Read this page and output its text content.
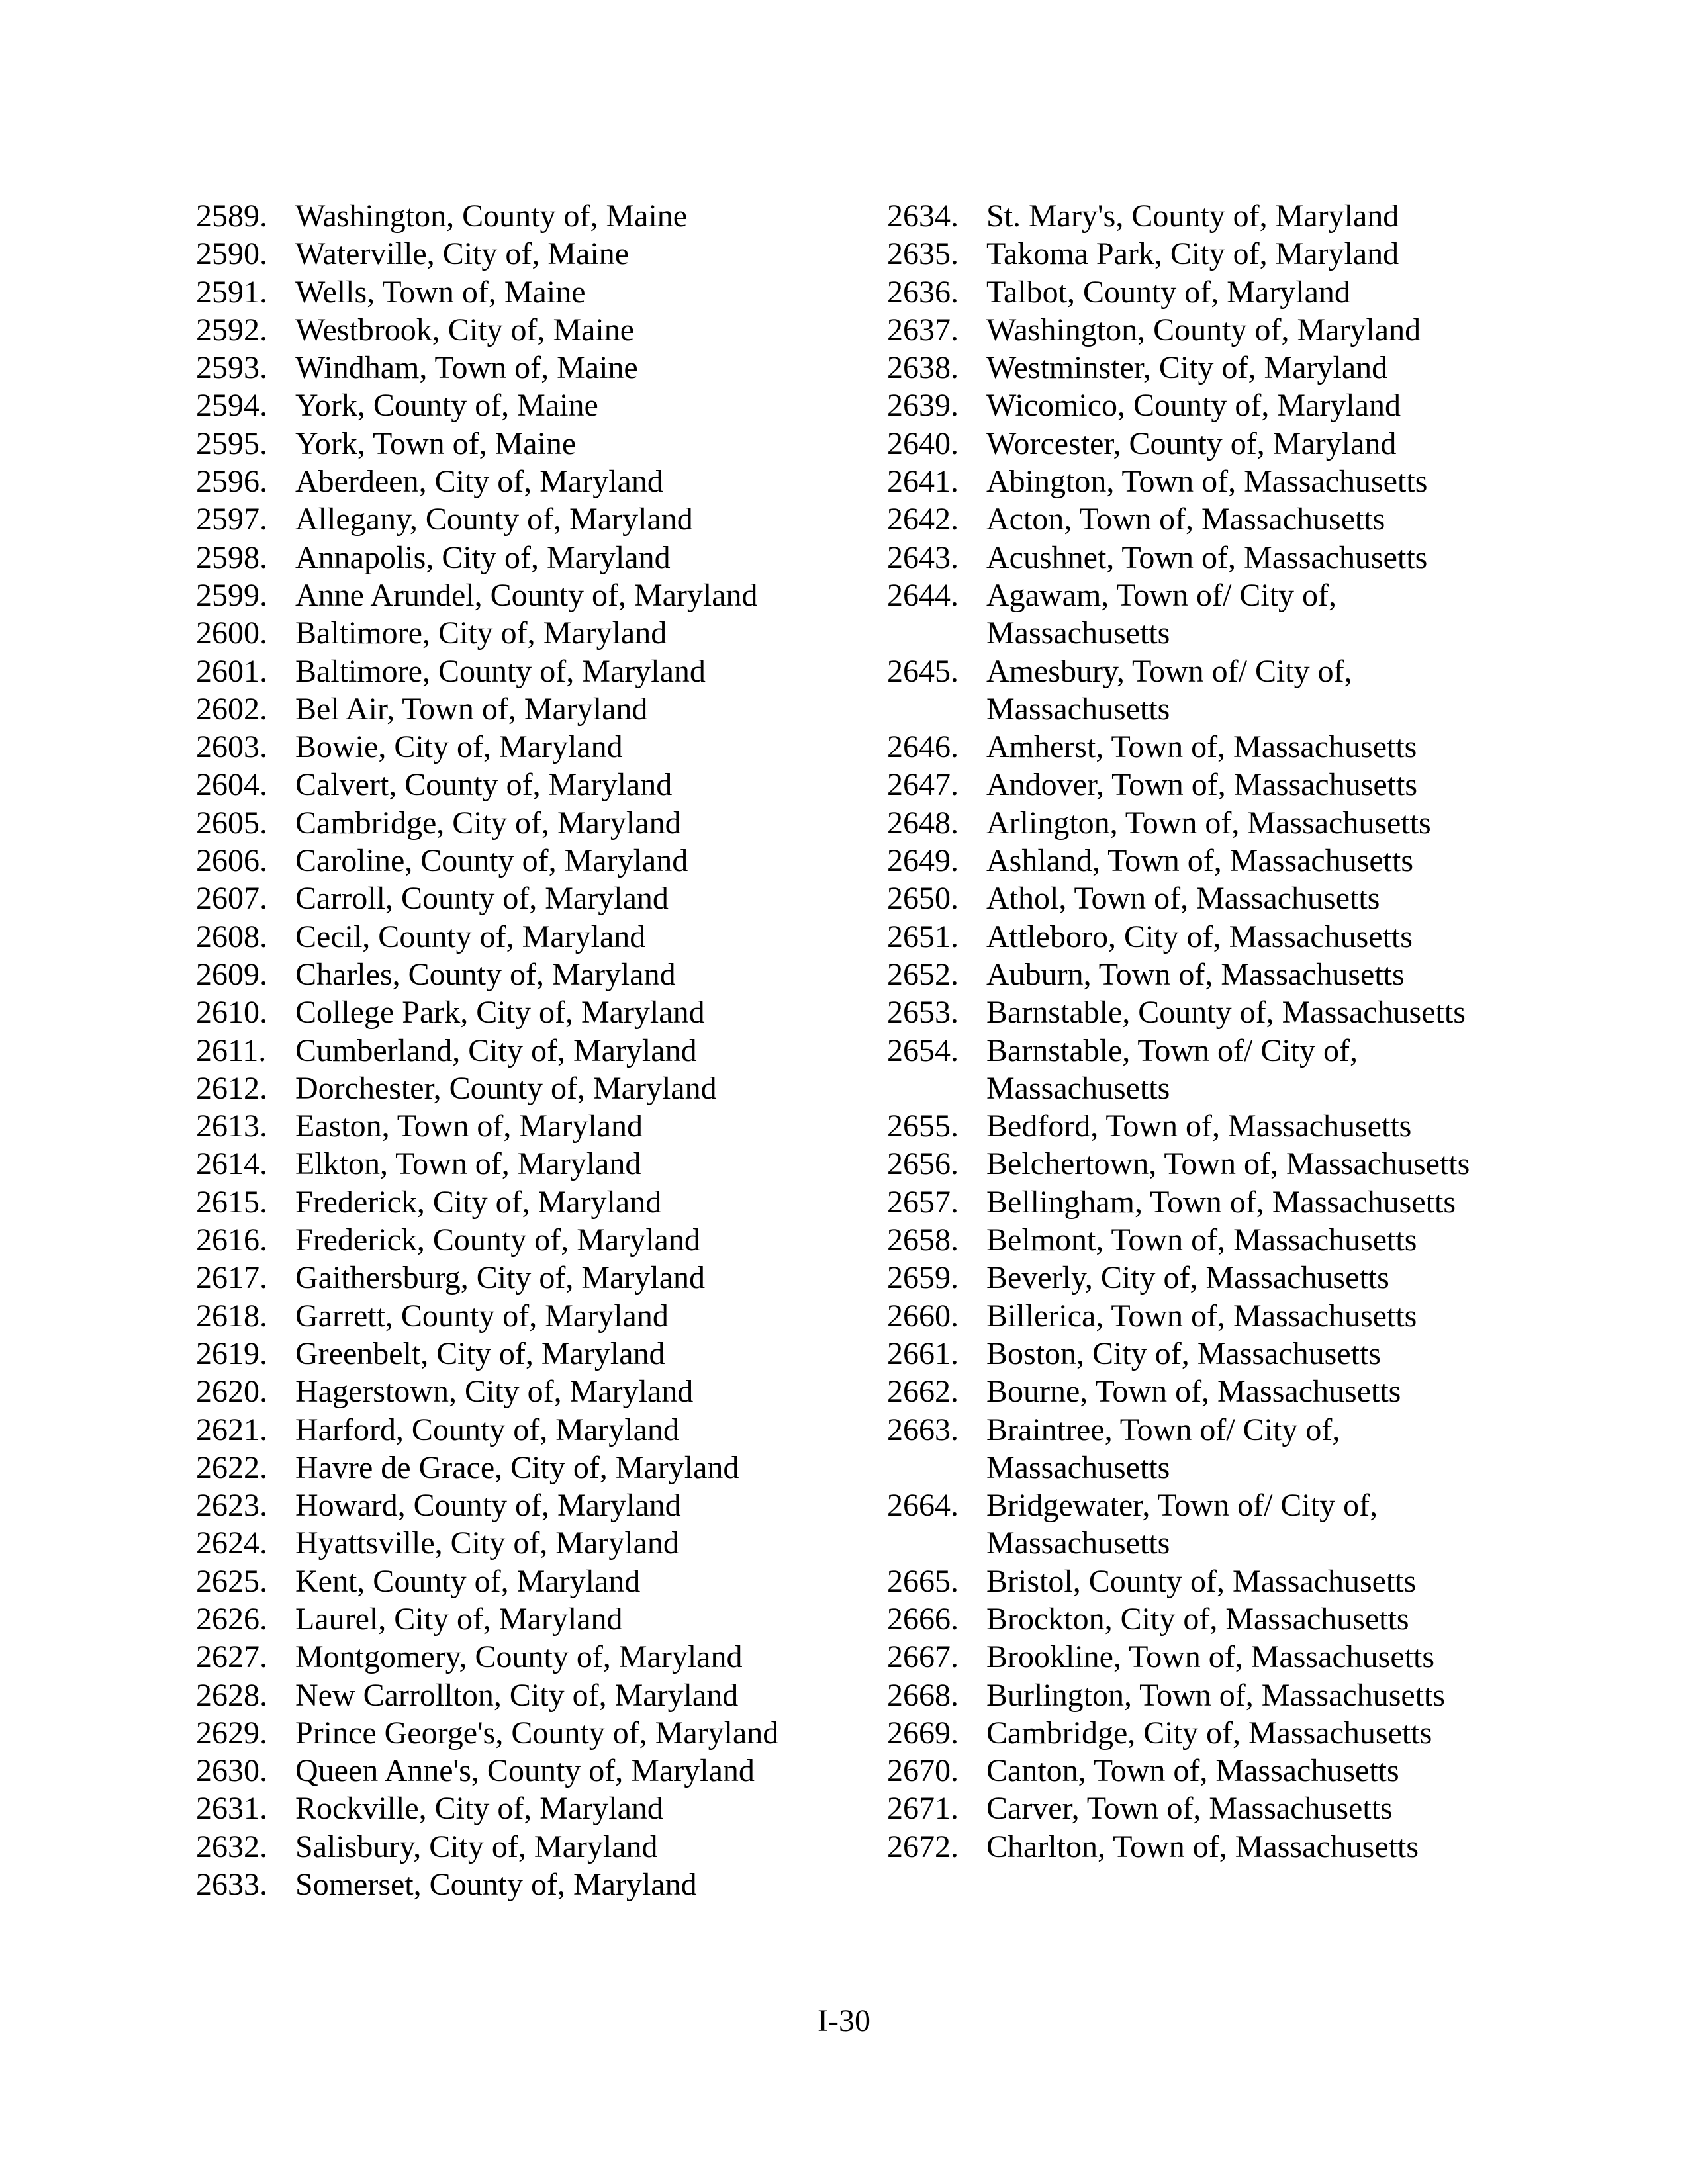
2589. Washington, County of, Maine
2590. Waterville, City of, Maine
2591. Wells, Town of, Maine
2592. Westbrook, City of, Maine
2593. Windham, Town of, Maine
2594. York, County of, Maine
2595. York, Town of, Maine
2596. Aberdeen, City of, Maryland
2597. Allegany, County of, Maryland
2598. Annapolis, City of, Maryland
2599. Anne Arundel, County of, Maryland
2600. Baltimore, City of, Maryland
2601. Baltimore, County of, Maryland
2602. Bel Air, Town of, Maryland
2603. Bowie, City of, Maryland
2604. Calvert, County of, Maryland
2605. Cambridge, City of, Maryland
2606. Caroline, County of, Maryland
2607. Carroll, County of, Maryland
2608. Cecil, County of, Maryland
2609. Charles, County of, Maryland
2610. College Park, City of, Maryland
2611. Cumberland, City of, Maryland
2612. Dorchester, County of, Maryland
2613. Easton, Town of, Maryland
2614. Elkton, Town of, Maryland
2615. Frederick, City of, Maryland
2616. Frederick, County of, Maryland
2617. Gaithersburg, City of, Maryland
2618. Garrett, County of, Maryland
2619. Greenbelt, City of, Maryland
2620. Hagerstown, City of, Maryland
2621. Harford, County of, Maryland
2622. Havre de Grace, City of, Maryland
2623. Howard, County of, Maryland
2624. Hyattsville, City of, Maryland
2625. Kent, County of, Maryland
2626. Laurel, City of, Maryland
2627. Montgomery, County of, Maryland
2628. New Carrollton, City of, Maryland
2629. Prince George's, County of, Maryland
2630. Queen Anne's, County of, Maryland
2631. Rockville, City of, Maryland
2632. Salisbury, City of, Maryland
2633. Somerset, County of, Maryland
2634. St. Mary's, County of, Maryland
2635. Takoma Park, City of, Maryland
2636. Talbot, County of, Maryland
2637. Washington, County of, Maryland
2638. Westminster, City of, Maryland
2639. Wicomico, County of, Maryland
2640. Worcester, County of, Maryland
2641. Abington, Town of, Massachusetts
2642. Acton, Town of, Massachusetts
2643. Acushnet, Town of, Massachusetts
2644. Agawam, Town of/ City of, Massachusetts
2645. Amesbury, Town of/ City of, Massachusetts
2646. Amherst, Town of, Massachusetts
2647. Andover, Town of, Massachusetts
2648. Arlington, Town of, Massachusetts
2649. Ashland, Town of, Massachusetts
2650. Athol, Town of, Massachusetts
2651. Attleboro, City of, Massachusetts
2652. Auburn, Town of, Massachusetts
2653. Barnstable, County of, Massachusetts
2654. Barnstable, Town of/ City of, Massachusetts
2655. Bedford, Town of, Massachusetts
2656. Belchertown, Town of, Massachusetts
2657. Bellingham, Town of, Massachusetts
2658. Belmont, Town of, Massachusetts
2659. Beverly, City of, Massachusetts
2660. Billerica, Town of, Massachusetts
2661. Boston, City of, Massachusetts
2662. Bourne, Town of, Massachusetts
2663. Braintree, Town of/ City of, Massachusetts
2664. Bridgewater, Town of/ City of, Massachusetts
2665. Bristol, County of, Massachusetts
2666. Brockton, City of, Massachusetts
2667. Brookline, Town of, Massachusetts
2668. Burlington, Town of, Massachusetts
2669. Cambridge, City of, Massachusetts
2670. Canton, Town of, Massachusetts
2671. Carver, Town of, Massachusetts
2672. Charlton, Town of, Massachusetts
I-30
